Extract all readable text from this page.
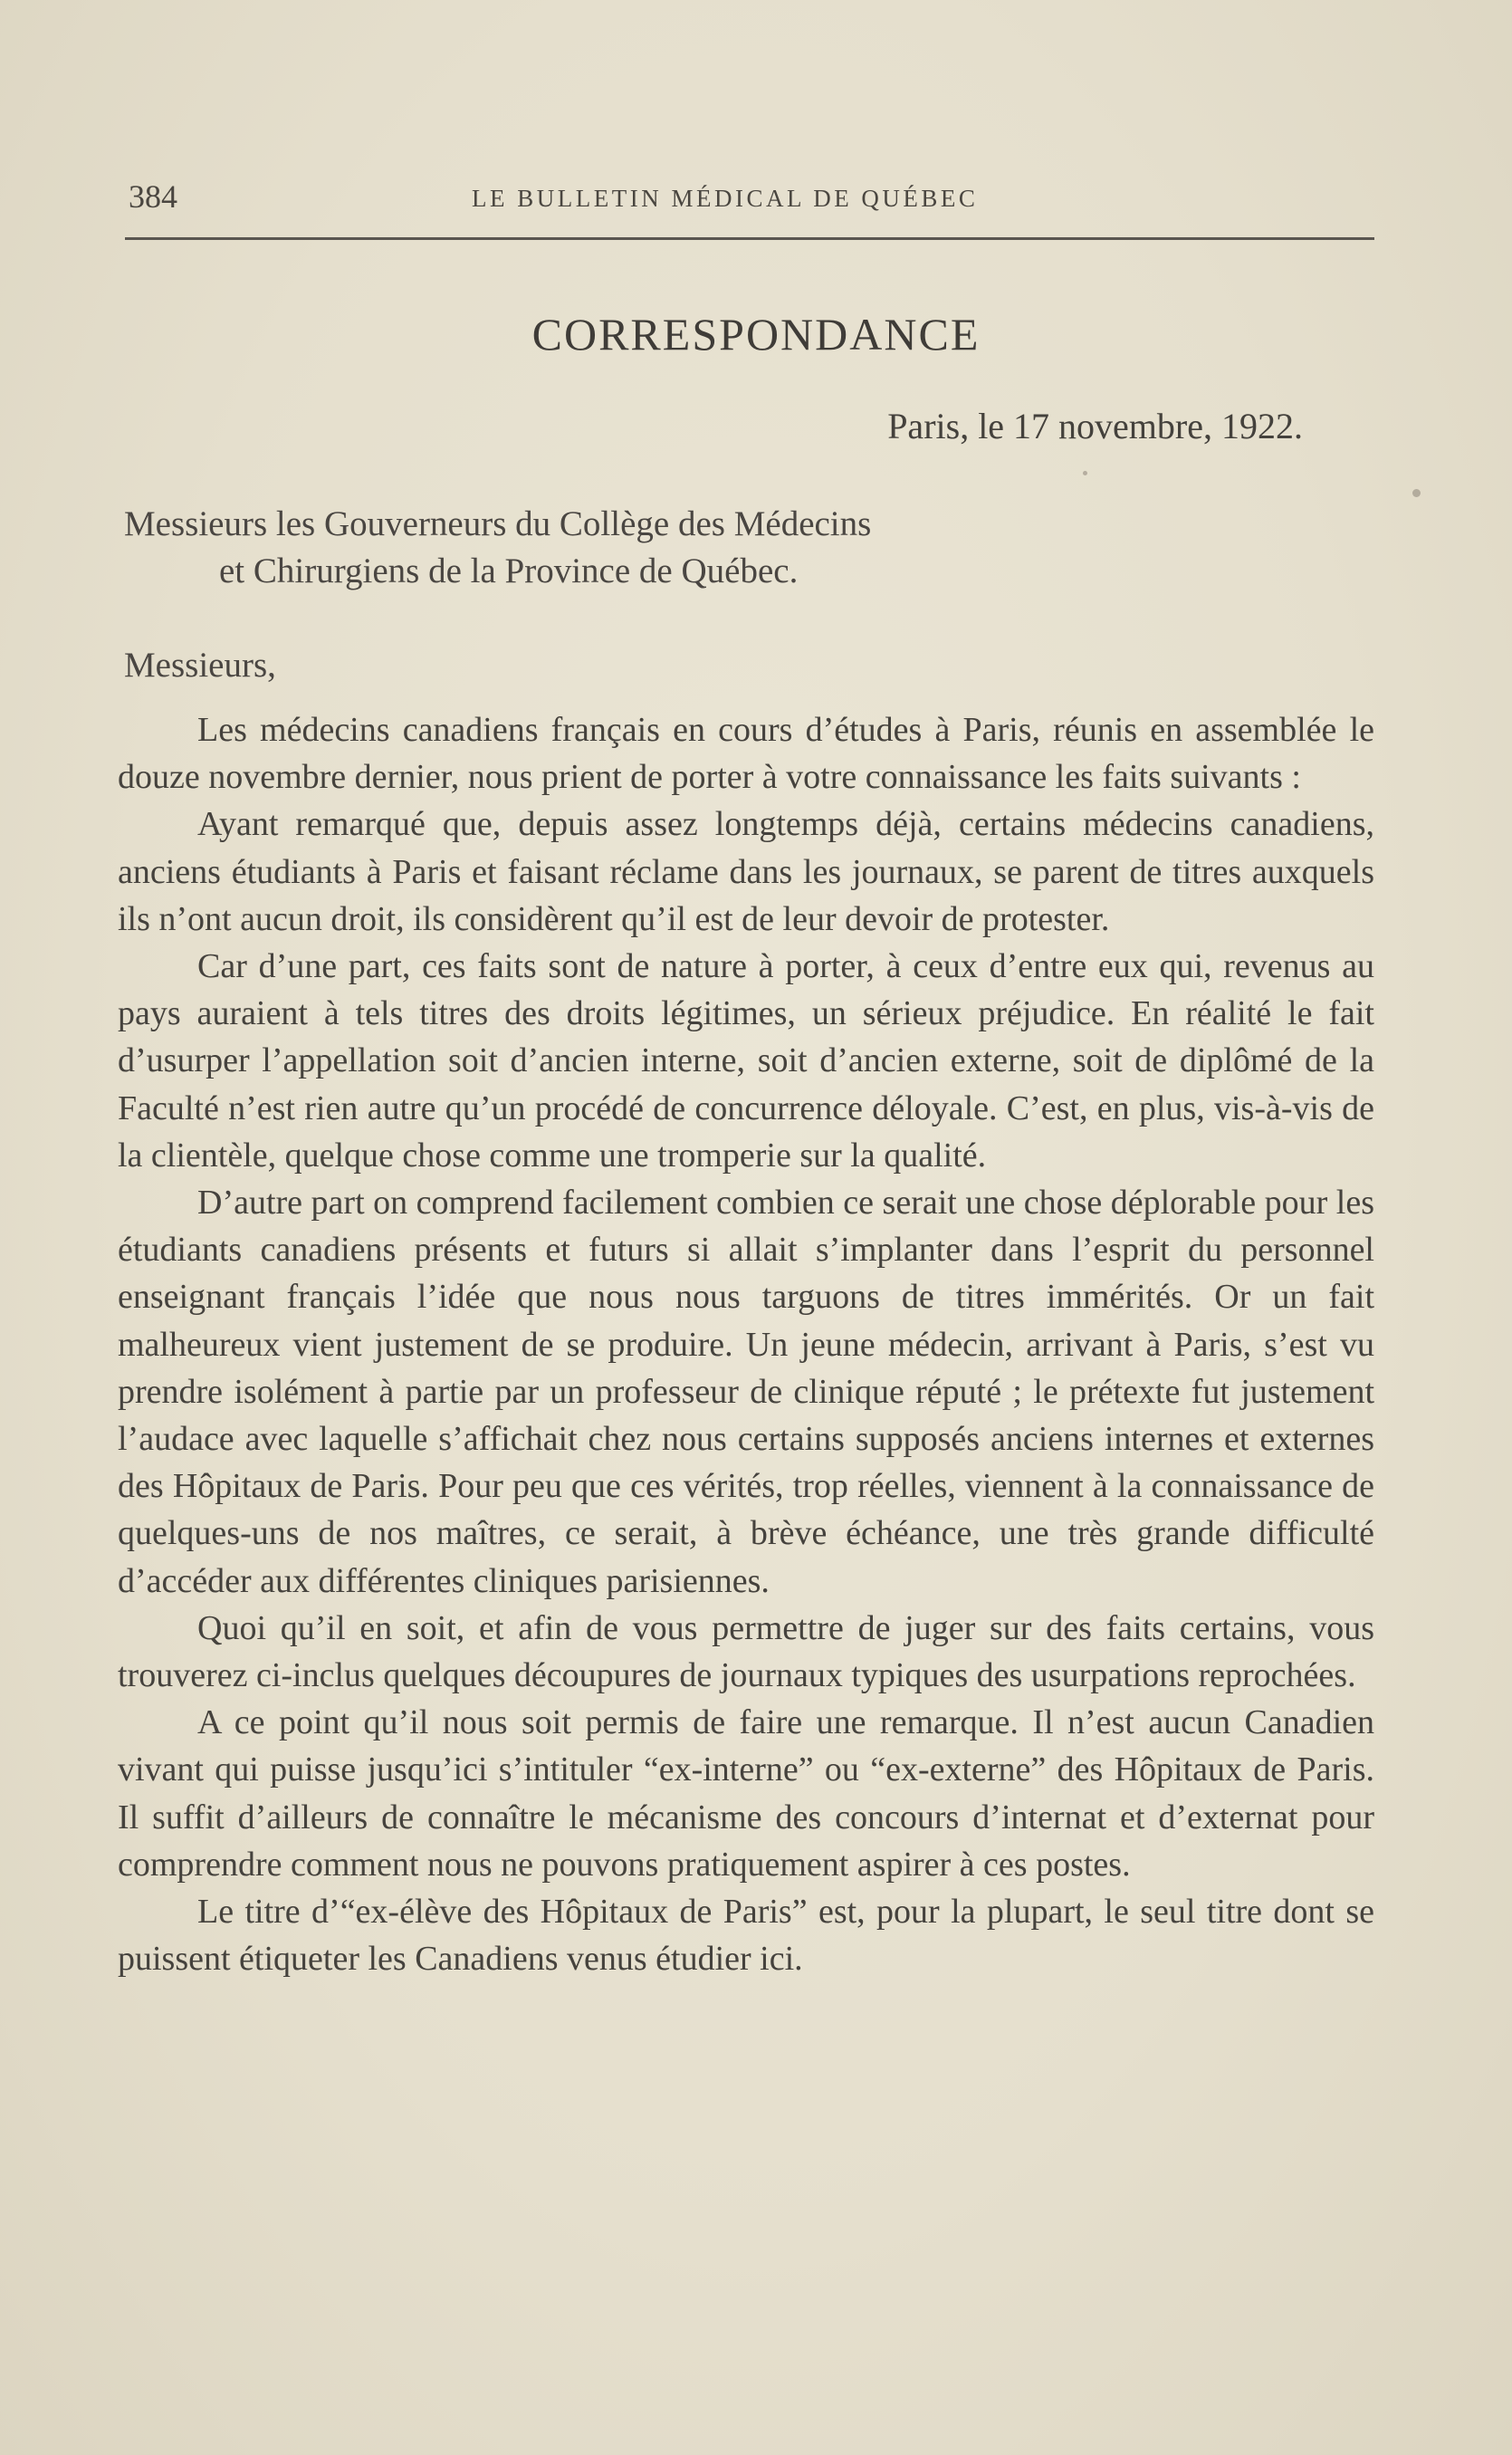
384	LE BULLETIN MÉDICAL DE QUÉBEC
CORRESPONDANCE
Paris, le 17 novembre, 1922.
Messieurs les Gouverneurs du Collège des Médecins
et Chirurgiens de la Province de Québec.
Messieurs,

Les médecins canadiens français en cours d’études à Paris, réunis en assemblée le douze novembre dernier, nous prient de porter à votre connaissance les faits suivants :

Ayant remarqué que, depuis assez longtemps déjà, certains médecins canadiens, anciens étudiants à Paris et faisant réclame dans les journaux, se parent de titres auxquels ils n’ont aucun droit, ils considèrent qu’il est de leur devoir de protester.

Car d’une part, ces faits sont de nature à porter, à ceux d’entre eux qui, revenus au pays auraient à tels titres des droits légitimes, un sérieux préjudice. En réalité le fait d’usurper l’appellation soit d’ancien interne, soit d’ancien externe, soit de diplômé de la Faculté n’est rien autre qu’un procédé de concurrence déloyale. C’est, en plus, vis-à-vis de la clientèle, quelque chose comme une tromperie sur la qualité.

D’autre part on comprend facilement combien ce serait une chose déplorable pour les étudiants canadiens présents et futurs si allait s’implanter dans l’esprit du personnel enseignant français l’idée que nous nous targuons de titres immérités. Or un fait malheureux vient justement de se produire. Un jeune médecin, arrivant à Paris, s’est vu prendre isolément à partie par un professeur de clinique réputé ; le prétexte fut justement l’audace avec laquelle s’affichait chez nous certains supposés anciens internes et externes des Hôpitaux de Paris. Pour peu que ces vérités, trop réelles, viennent à la connaissance de quelques-uns de nos maîtres, ce serait, à brève échéance, une très grande difficulté d’accéder aux différentes cliniques parisiennes.

Quoi qu’il en soit, et afin de vous permettre de juger sur des faits certains, vous trouverez ci-inclus quelques découpures de journaux typiques des usurpations reprochées.

A ce point qu’il nous soit permis de faire une remarque. Il n’est aucun Canadien vivant qui puisse jusqu’ici s’intituler “ex-interne” ou “ex-externe” des Hôpitaux de Paris. Il suffit d’ailleurs de connaître le mécanisme des concours d’internat et d’externat pour comprendre comment nous ne pouvons pratiquement aspirer à ces postes.

Le titre d’“ex-élève des Hôpitaux de Paris” est, pour la plupart, le seul titre dont se puissent étiqueter les Canadiens venus étudier ici.
